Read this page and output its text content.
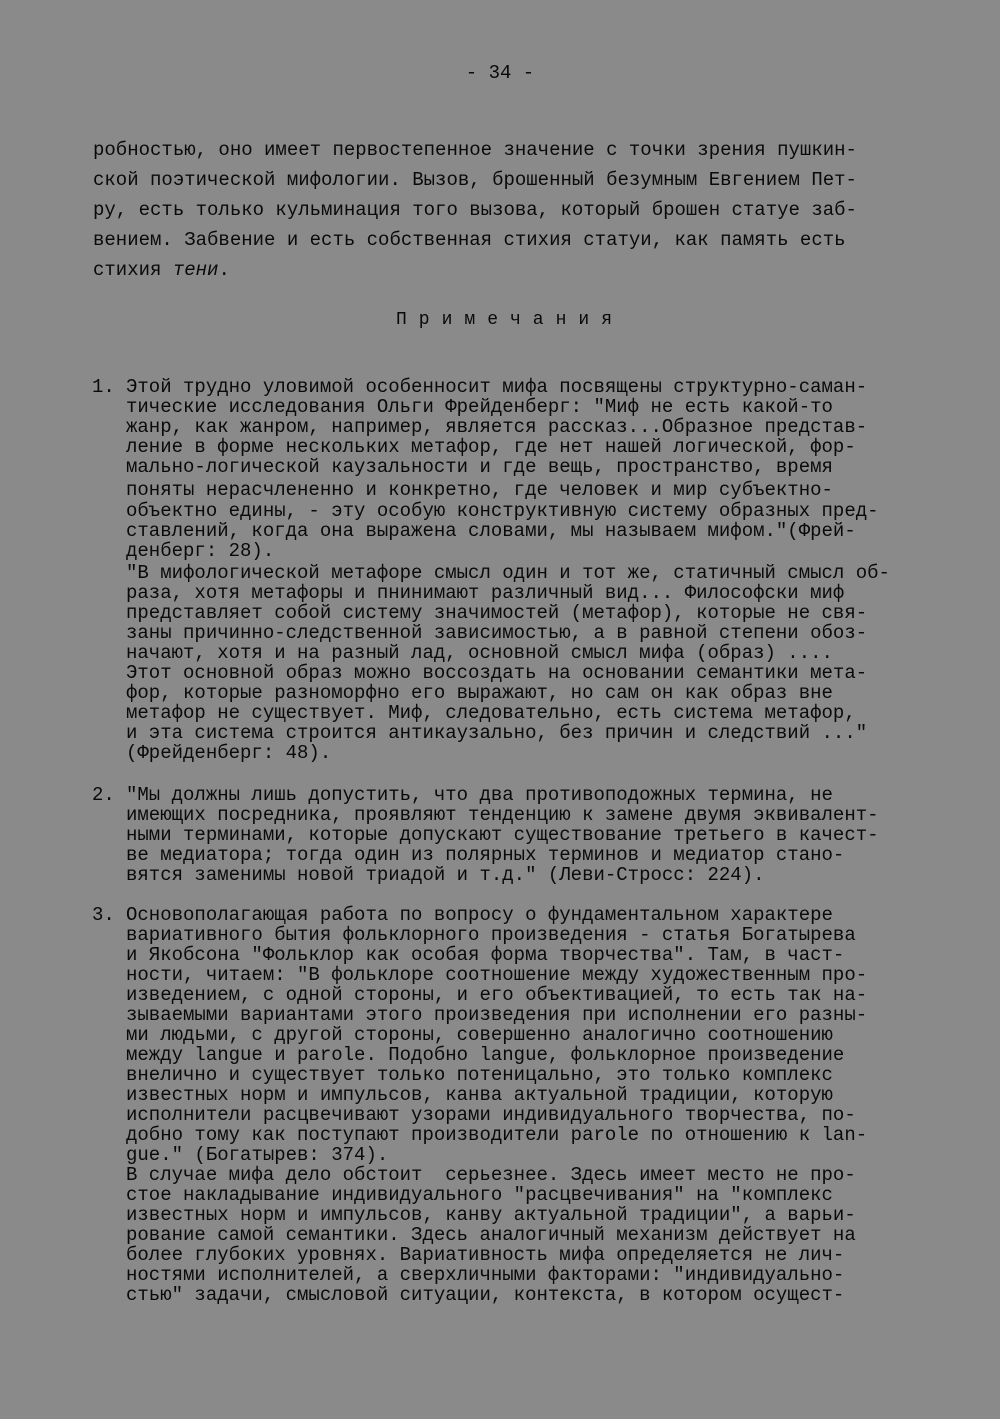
- 34 -
робностью, оно имеет первостепенное значение с точки зрения пушкин-
ской поэтической мифологии. Вызов, брошенный безумным Евгением Пет-
ру, есть только кульминация того вызова, который брошен статуе заб-
вением. Забвение и есть собственная стихия статуи, как память есть
стихия тени.
Примечания
1. Этой трудно уловимой особенносит мифа посвящены структурно-саман-
тические исследования Ольги Фрейденберг: "Миф не есть какой-то
жанр, как жанром, например, является рассказ...Образное представ-
ление в форме нескольких метафор, где нет нашей логической, фор-
мально-логической каузальности и где вещь, пространство, время
поняты нерасчлененно и конкретно, где человек и мир субъектно-
объектно едины, - эту особую конструктивную систему образных пред-
ставлений, когда она выражена словами, мы называем мифом."(Фрей-
денберг: 28).
"В мифологической метафоре смысл один и тот же, статичный смысл об-
раза, хотя метафоры и пнинимают различный вид... Философски миф
представляет собой систему значимостей (метафор), которые не свя-
заны причинно-следственной зависимостью, а в равной степени обоз-
начают, хотя и на разный лад, основной смысл мифа (образ) ....
Этот основной образ можно воссоздать на основании семантики мета-
фор, которые разноморфно его выражают, но сам он как образ вне
метафор не существует. Миф, следовательно, есть система метафор,
и эта система строится антикаузально, без причин и следствий ..."
(Фрейденберг: 48).
2. "Мы должны лишь допустить, что два противоподожных термина, не
имеющих посредника, проявляют тенденцию к замене двумя эквивалент-
ными терминами, которые допускают существование третьего в качест-
ве медиатора; тогда один из полярных терминов и медиатор стано-
вятся заменимы новой триадой и т.д." (Леви-Стросс: 224).
3. Основополагающая работа по вопросу о фундаментальном характере
вариативного бытия фольклорного произведения - статья Богатырева
и Якобсона "Фольклор как особая форма творчества". Там, в част-
ности, читаем: "В фольклоре соотношение между художественным про-
изведением, с одной стороны, и его объективацией, то есть так на-
зываемыми вариантами этого произведения при исполнении его разны-
ми людьми, с другой стороны, совершенно аналогично соотношению
между langue и parole. Подобно langue, фольклорное произведение
внелично и существует только потеницально, это только комплекс
известных норм и импульсов, канва актуальной традиции, которую
исполнители расцвечивают узорами индивидуального творчества, по-
добно тому как поступают производители parole по отношению к lan-
gue." (Богатырев: 374).
В случае мифа дело обстоит  серьезнее. Здесь имеет место не про-
стое накладывание индивидуального "расцвечивания" на "комплекс
известных норм и импульсов, канву актуальной традиции", а варьи-
рование самой семантики. Здесь аналогичный механизм действует на
более глубоких уровнях. Вариативность мифа определяется не лич-
ностями исполнителей, а сверхличными факторами: "индивидуально-
стью" задачи, смысловой ситуации, контекста, в котором осущест-
